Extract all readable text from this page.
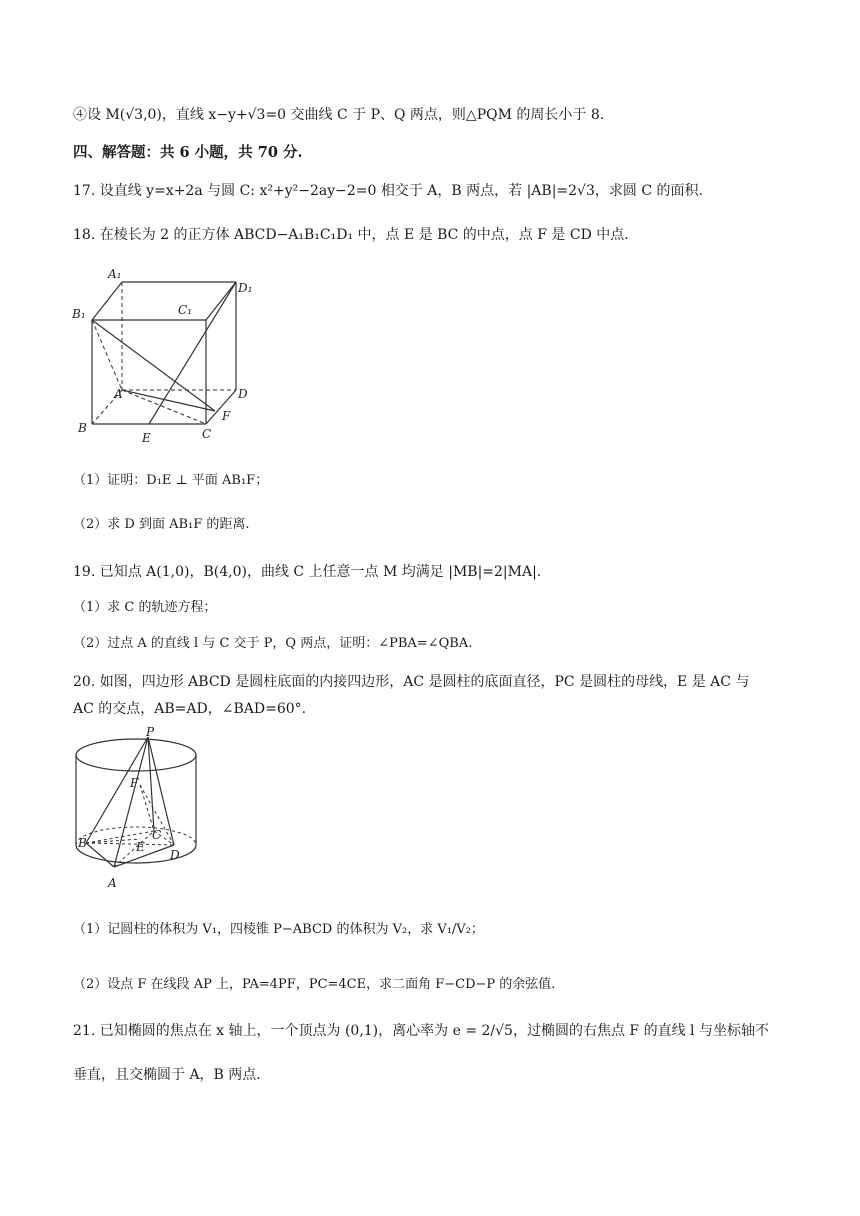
④设 M(√3,0)，直线 x−y+√3=0 交曲线 C 于 P、Q 两点，则△PQM 的周长小于 8.
四、解答题：共 6 小题，共 70 分.
17. 设直线 y=x+2a 与圆 C: x²+y²−2ay−2=0 相交于 A，B 两点，若 |AB|=2√3，求圆 C 的面积.
18. 在棱长为 2 的正方体 ABCD−A₁B₁C₁D₁ 中，点 E 是 BC 的中点，点 F 是 CD 中点.
A₁
D₁
B₁	C₁
A	D
F
B
E	C
（1）证明：D₁E ⊥ 平面 AB₁F；
（2）求 D 到面 AB₁F 的距离.
19. 已知点 A(1,0)，B(4,0)，曲线 C 上任意一点 M 均满足 |MB|=2|MA|.
（1）求 C 的轨迹方程；
（2）过点 A 的直线 l 与 C 交于 P，Q 两点，证明：∠PBA=∠QBA.
20. 如图，四边形 ABCD 是圆柱底面的内接四边形，AC 是圆柱的底面直径，PC 是圆柱的母线，E 是 AC 与
AC 的交点，AB=AD，∠BAD=60°.
P
F
B
C
E
D
A
（1）记圆柱的体积为 V₁，四棱锥 P−ABCD 的体积为 V₂，求 V₁/V₂；
（2）设点 F 在线段 AP 上，PA=4PF，PC=4CE，求二面角 F−CD−P 的余弦值.
21. 已知椭圆的焦点在 x 轴上，一个顶点为 (0,1)，离心率为 e = 2/√5，过椭圆的右焦点 F 的直线 l 与坐标轴不
垂直，且交椭圆于 A，B 两点.
